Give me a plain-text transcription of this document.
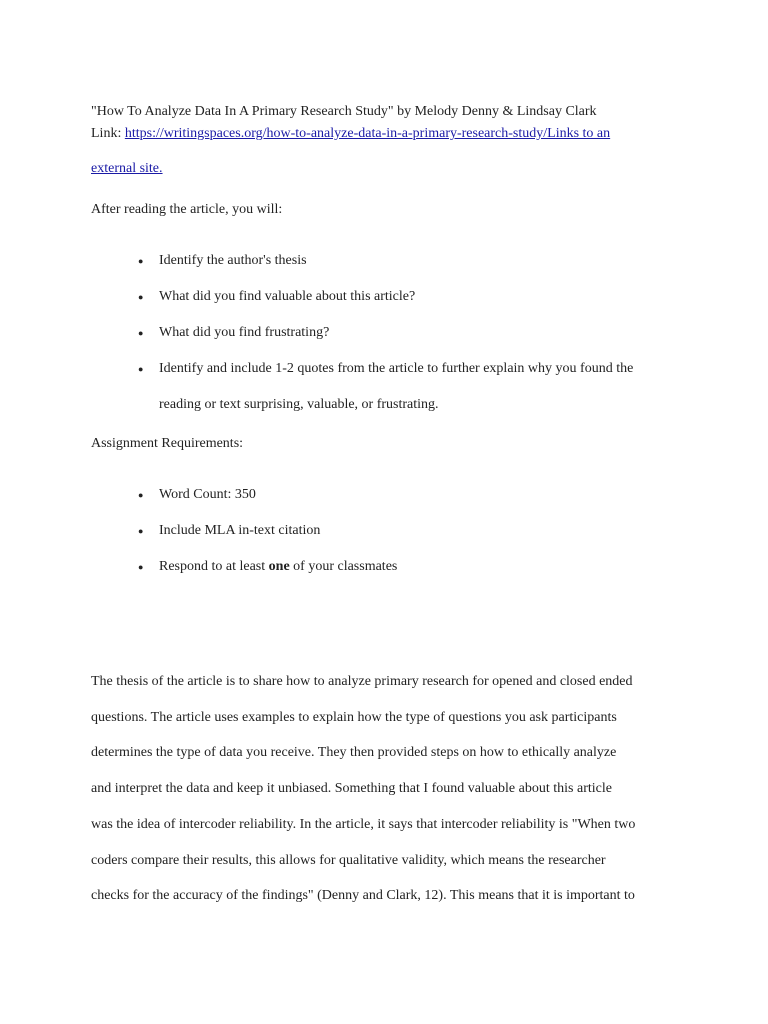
"How To Analyze Data In A Primary Research Study" by Melody Denny & Lindsay Clark
Link: https://writingspaces.org/how-to-analyze-data-in-a-primary-research-study/Links to an
external site.
After reading the article, you will:
● Identify the author's thesis
● What did you find valuable about this article?
● What did you find frustrating?
● Identify and include 1-2 quotes from the article to further explain why you found the
reading or text surprising, valuable, or frustrating.
Assignment Requirements:
● Word Count: 350
● Include MLA in-text citation
● Respond to at least one of your classmates
The thesis of the article is to share how to analyze primary research for opened and closed ended
questions. The article uses examples to explain how the type of questions you ask participants
determines the type of data you receive. They then provided steps on how to ethically analyze
and interpret the data and keep it unbiased. Something that I found valuable about this article
was the idea of intercoder reliability. In the article, it says that intercoder reliability is "When two
coders compare their results, this allows for qualitative validity, which means the researcher
checks for the accuracy of the findings" (Denny and Clark, 12). This means that it is important to
